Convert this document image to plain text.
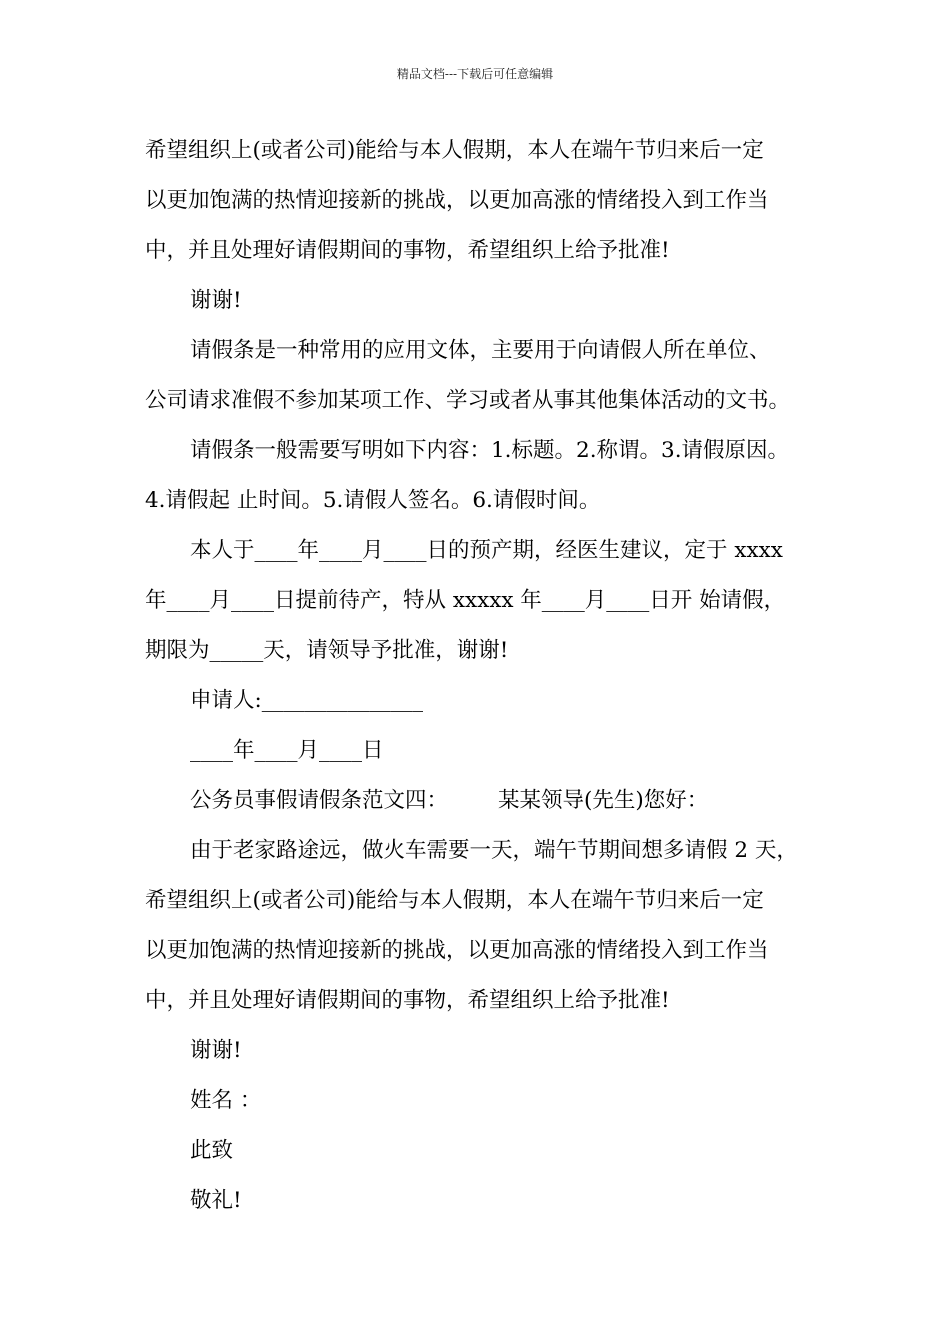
精品文档---下载后可任意编辑
希望组织上(或者公司)能给与本人假期，本人在端午节归来后一定
以更加饱满的热情迎接新的挑战，以更加高涨的情绪投入到工作当
中，并且处理好请假期间的事物，希望组织上给予批准!
谢谢!
请假条是一种常用的应用文体，主要用于向请假人所在单位、
公司请求准假不参加某项工作、学习或者从事其他集体活动的文书。
请假条一般需要写明如下内容：1.标题。2.称谓。3.请假原因。
4.请假起 止时间。5.请假人签名。6.请假时间。
本人于____年____月____日的预产期，经医生建议，定于 xxxx
年____月____日提前待产，特从 xxxxx 年____月____日开 始请假，
期限为_____天，请领导予批准，谢谢!
申请人:_______________
____年____月____日
公务员事假请假条范文四： 某某领导(先生)您好：
由于老家路途远，做火车需要一天，端午节期间想多请假 2 天，
希望组织上(或者公司)能给与本人假期，本人在端午节归来后一定
以更加饱满的热情迎接新的挑战，以更加高涨的情绪投入到工作当
中，并且处理好请假期间的事物，希望组织上给予批准!
谢谢!
姓名 ：
此致
敬礼!
